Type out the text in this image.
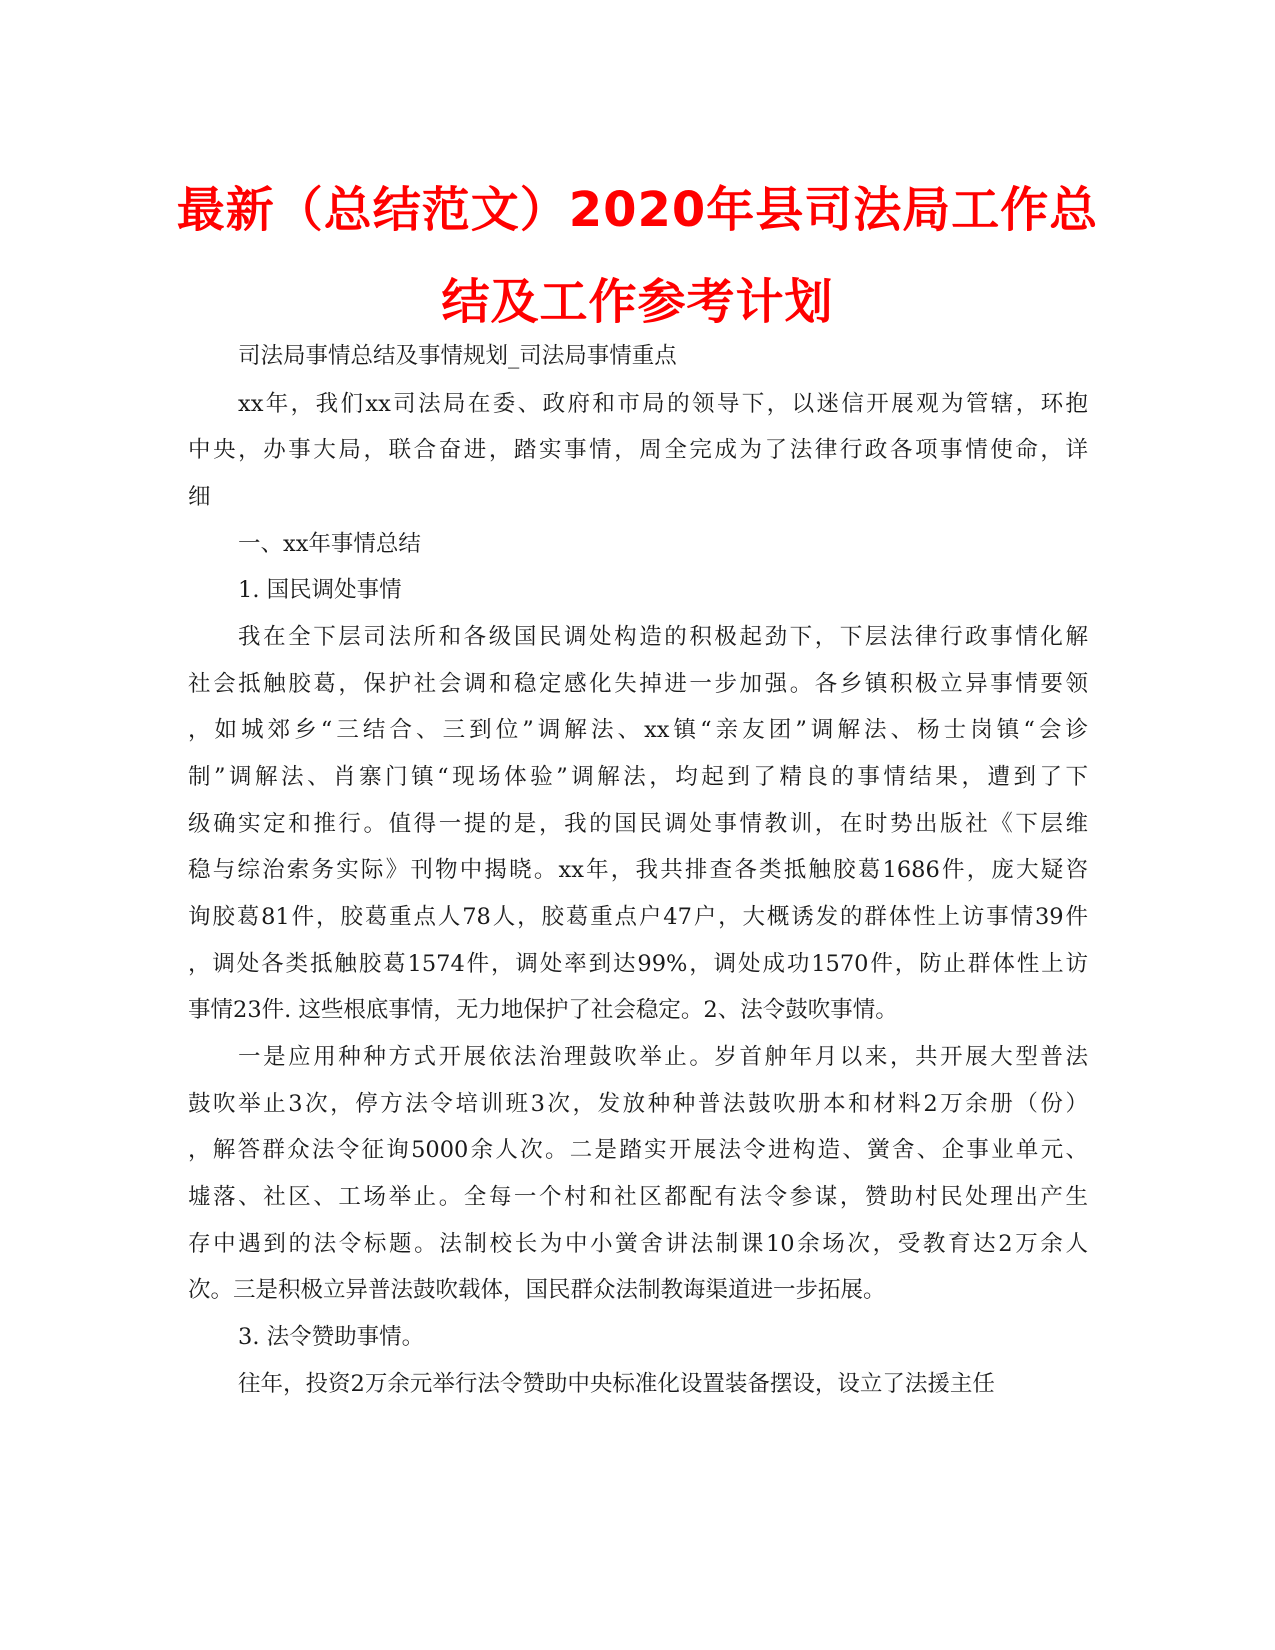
最新（总结范文）2020年县司法局工作总
结及工作参考计划
司法局事情总结及事情规划_司法局事情重点
xx年，我们xx司法局在委、政府和市局的领导下，以迷信开展观为管辖，环抱
中央，办事大局，联合奋进，踏实事情，周全完成为了法律行政各项事情使命，详
细
一、xx年事情总结
1. 国民调处事情
我在全下层司法所和各级国民调处构造的积极起劲下，下层法律行政事情化解
社会抵触胶葛，保护社会调和稳定感化失掉进一步加强。各乡镇积极立异事情要领
，如城郊乡“三结合、三到位”调解法、xx镇“亲友团”调解法、杨士岗镇“会诊
制”调解法、肖寨门镇“现场体验”调解法，均起到了精良的事情结果，遭到了下
级确实定和推行。值得一提的是，我的国民调处事情教训，在时势出版社《下层维
稳与综治索务实际》刊物中揭晓。xx年，我共排查各类抵触胶葛1686件，庞大疑咨
询胶葛81件，胶葛重点人78人，胶葛重点户47户，大概诱发的群体性上访事情39件
，调处各类抵触胶葛1574件，调处率到达99%，调处成功1570件，防止群体性上访
事情23件. 这些根底事情，无力地保护了社会稳定。2、法令鼓吹事情。
一是应用种种方式开展依法治理鼓吹举止。岁首舯年月以来，共开展大型普法
鼓吹举止3次，停方法令培训班3次，发放种种普法鼓吹册本和材料2万余册（份）
，解答群众法令征询5000余人次。二是踏实开展法令进构造、黉舍、企事业单元、
墟落、社区、工场举止。全每一个村和社区都配有法令参谋，赞助村民处理出产生
存中遇到的法令标题。法制校长为中小黉舍讲法制课10余场次，受教育达2万余人
次。三是积极立异普法鼓吹载体，国民群众法制教诲渠道进一步拓展。
3. 法令赞助事情。
往年，投资2万余元举行法令赞助中央标准化设置装备摆设，设立了法援主任
